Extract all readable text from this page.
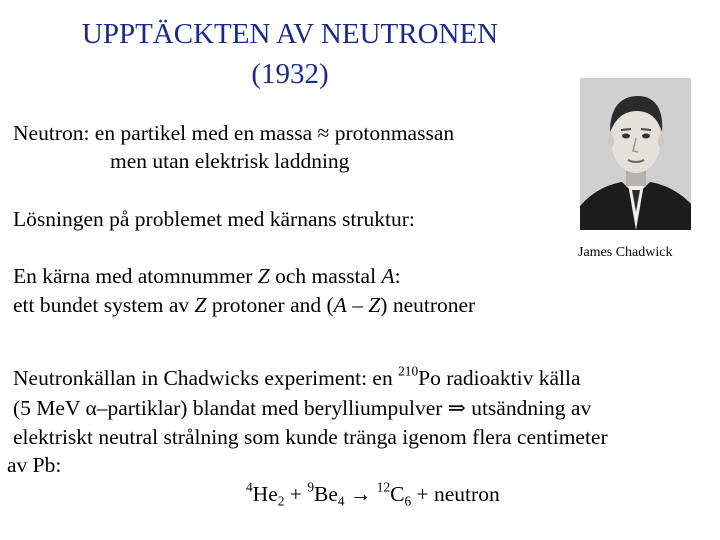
UPPTÄCKTEN AV NEUTRONEN
(1932)
Neutron: en partikel med en massa ≈ protonmassan
men utan elektrisk laddning
Lösningen på problemet med kärnans struktur:
En kärna med atomnummer Z och masstal A:
ett bundet system av Z protoner and (A – Z) neutroner
James Chadwick
Neutronkällan in Chadwicks experiment: en $^{210}$Po radioaktiv källa
(5 MeV α–partiklar) blandat med berylliumpulver ⇒ utsändning av
elektriskt neutral strålning som kunde tränga igenom flera centimeter
av Pb:
$^4He_2 + ^9Be_4 \to ^{12}C_6$ + neutron
